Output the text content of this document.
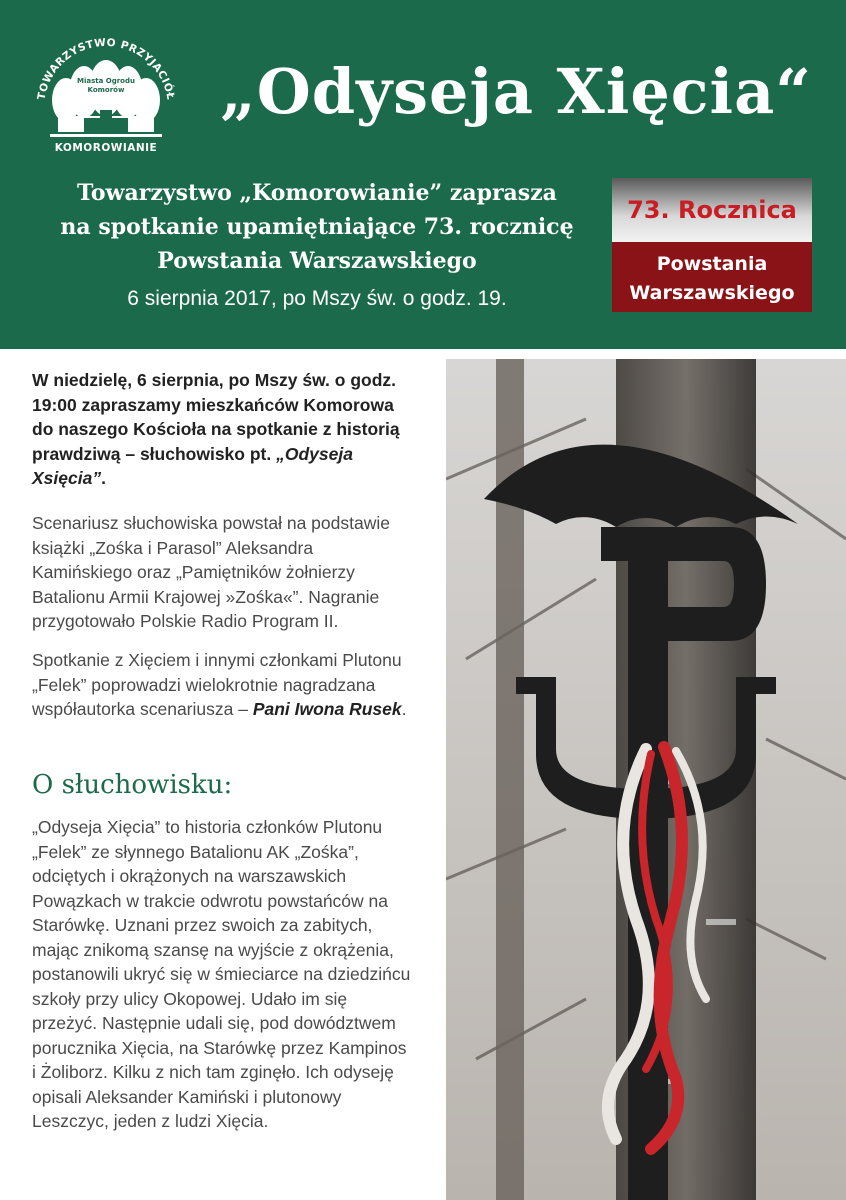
TOWARZYSTWO PRZYJACIÓŁ
Miasta Ogrodu
Komorów
KOMOROWIANIE
„Odyseja Xięcia“
Towarzystwo „Komorowianie” zaprasza
na spotkanie upamiętniające 73. rocznicę
Powstania Warszawskiego
6 sierpnia 2017, po Mszy św. o godz. 19.
73. Rocznica
Powstania
Warszawskiego
W niedzielę, 6 sierpnia, po Mszy św. o godz. 19:00 zapraszamy mieszkańców Komorowa do naszego Kościoła na spotkanie z historią prawdziwą – słuchowisko pt. „Odyseja Xsięcia”.
Scenariusz słuchowiska powstał na podstawie książki „Zośka i Parasol” Aleksandra Kamińskiego oraz „Pamiętników żołnierzy Batalionu Armii Krajowej »Zośka«”. Nagranie przygotowało Polskie Radio Program II.
Spotkanie z Xięciem i innymi członkami Plutonu „Felek” poprowadzi wielokrotnie nagradzana współautorka scenariusza – Pani Iwona Rusek.
O słuchowisku:
„Odyseja Xięcia” to historia członków Plutonu „Felek” ze słynnego Batalionu AK „Zośka”, odciętych i okrążonych na warszawskich Powązkach w trakcie odwrotu powstańców na Starówkę. Uznani przez swoich za zabitych, mając znikomą szansę na wyjście z okrążenia, postanowili ukryć się w śmieciarce na dziedzińcu szkoły przy ulicy Okopowej. Udało im się przeżyć. Następnie udali się, pod dowództwem porucznika Xięcia, na Starówkę przez Kampinos i Żoliborz. Kilku z nich tam zginęło. Ich odyseję opisali Aleksander Kamiński i plutonowy Leszczyc, jeden z ludzi Xięcia.
